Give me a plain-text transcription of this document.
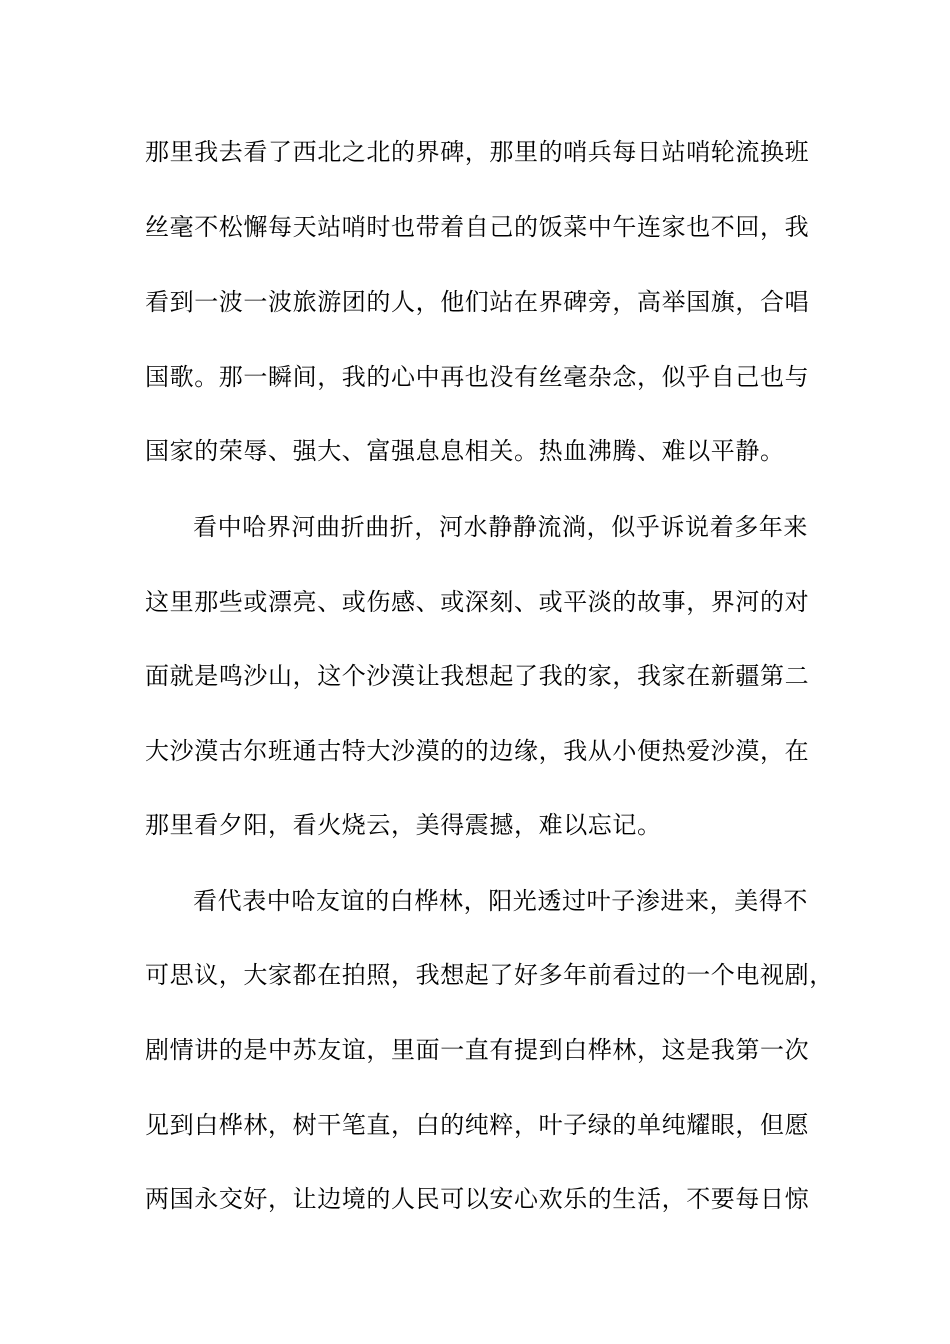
那里我去看了西北之北的界碑，那里的哨兵每日站哨轮流换班
丝毫不松懈每天站哨时也带着自己的饭菜中午连家也不回，我
看到一波一波旅游团的人，他们站在界碑旁，高举国旗，合唱
国歌。那一瞬间，我的心中再也没有丝毫杂念，似乎自己也与
国家的荣辱、强大、富强息息相关。热血沸腾、难以平静。
看中哈界河曲折曲折，河水静静流淌，似乎诉说着多年来
这里那些或漂亮、或伤感、或深刻、或平淡的故事，界河的对
面就是鸣沙山，这个沙漠让我想起了我的家，我家在新疆第二
大沙漠古尔班通古特大沙漠的的边缘，我从小便热爱沙漠，在
那里看夕阳，看火烧云，美得震撼，难以忘记。
看代表中哈友谊的白桦林，阳光透过叶子渗进来，美得不
可思议，大家都在拍照，我想起了好多年前看过的一个电视剧，
剧情讲的是中苏友谊，里面一直有提到白桦林，这是我第一次
见到白桦林，树干笔直，白的纯粹，叶子绿的单纯耀眼，但愿
两国永交好，让边境的人民可以安心欢乐的生活，不要每日惊
